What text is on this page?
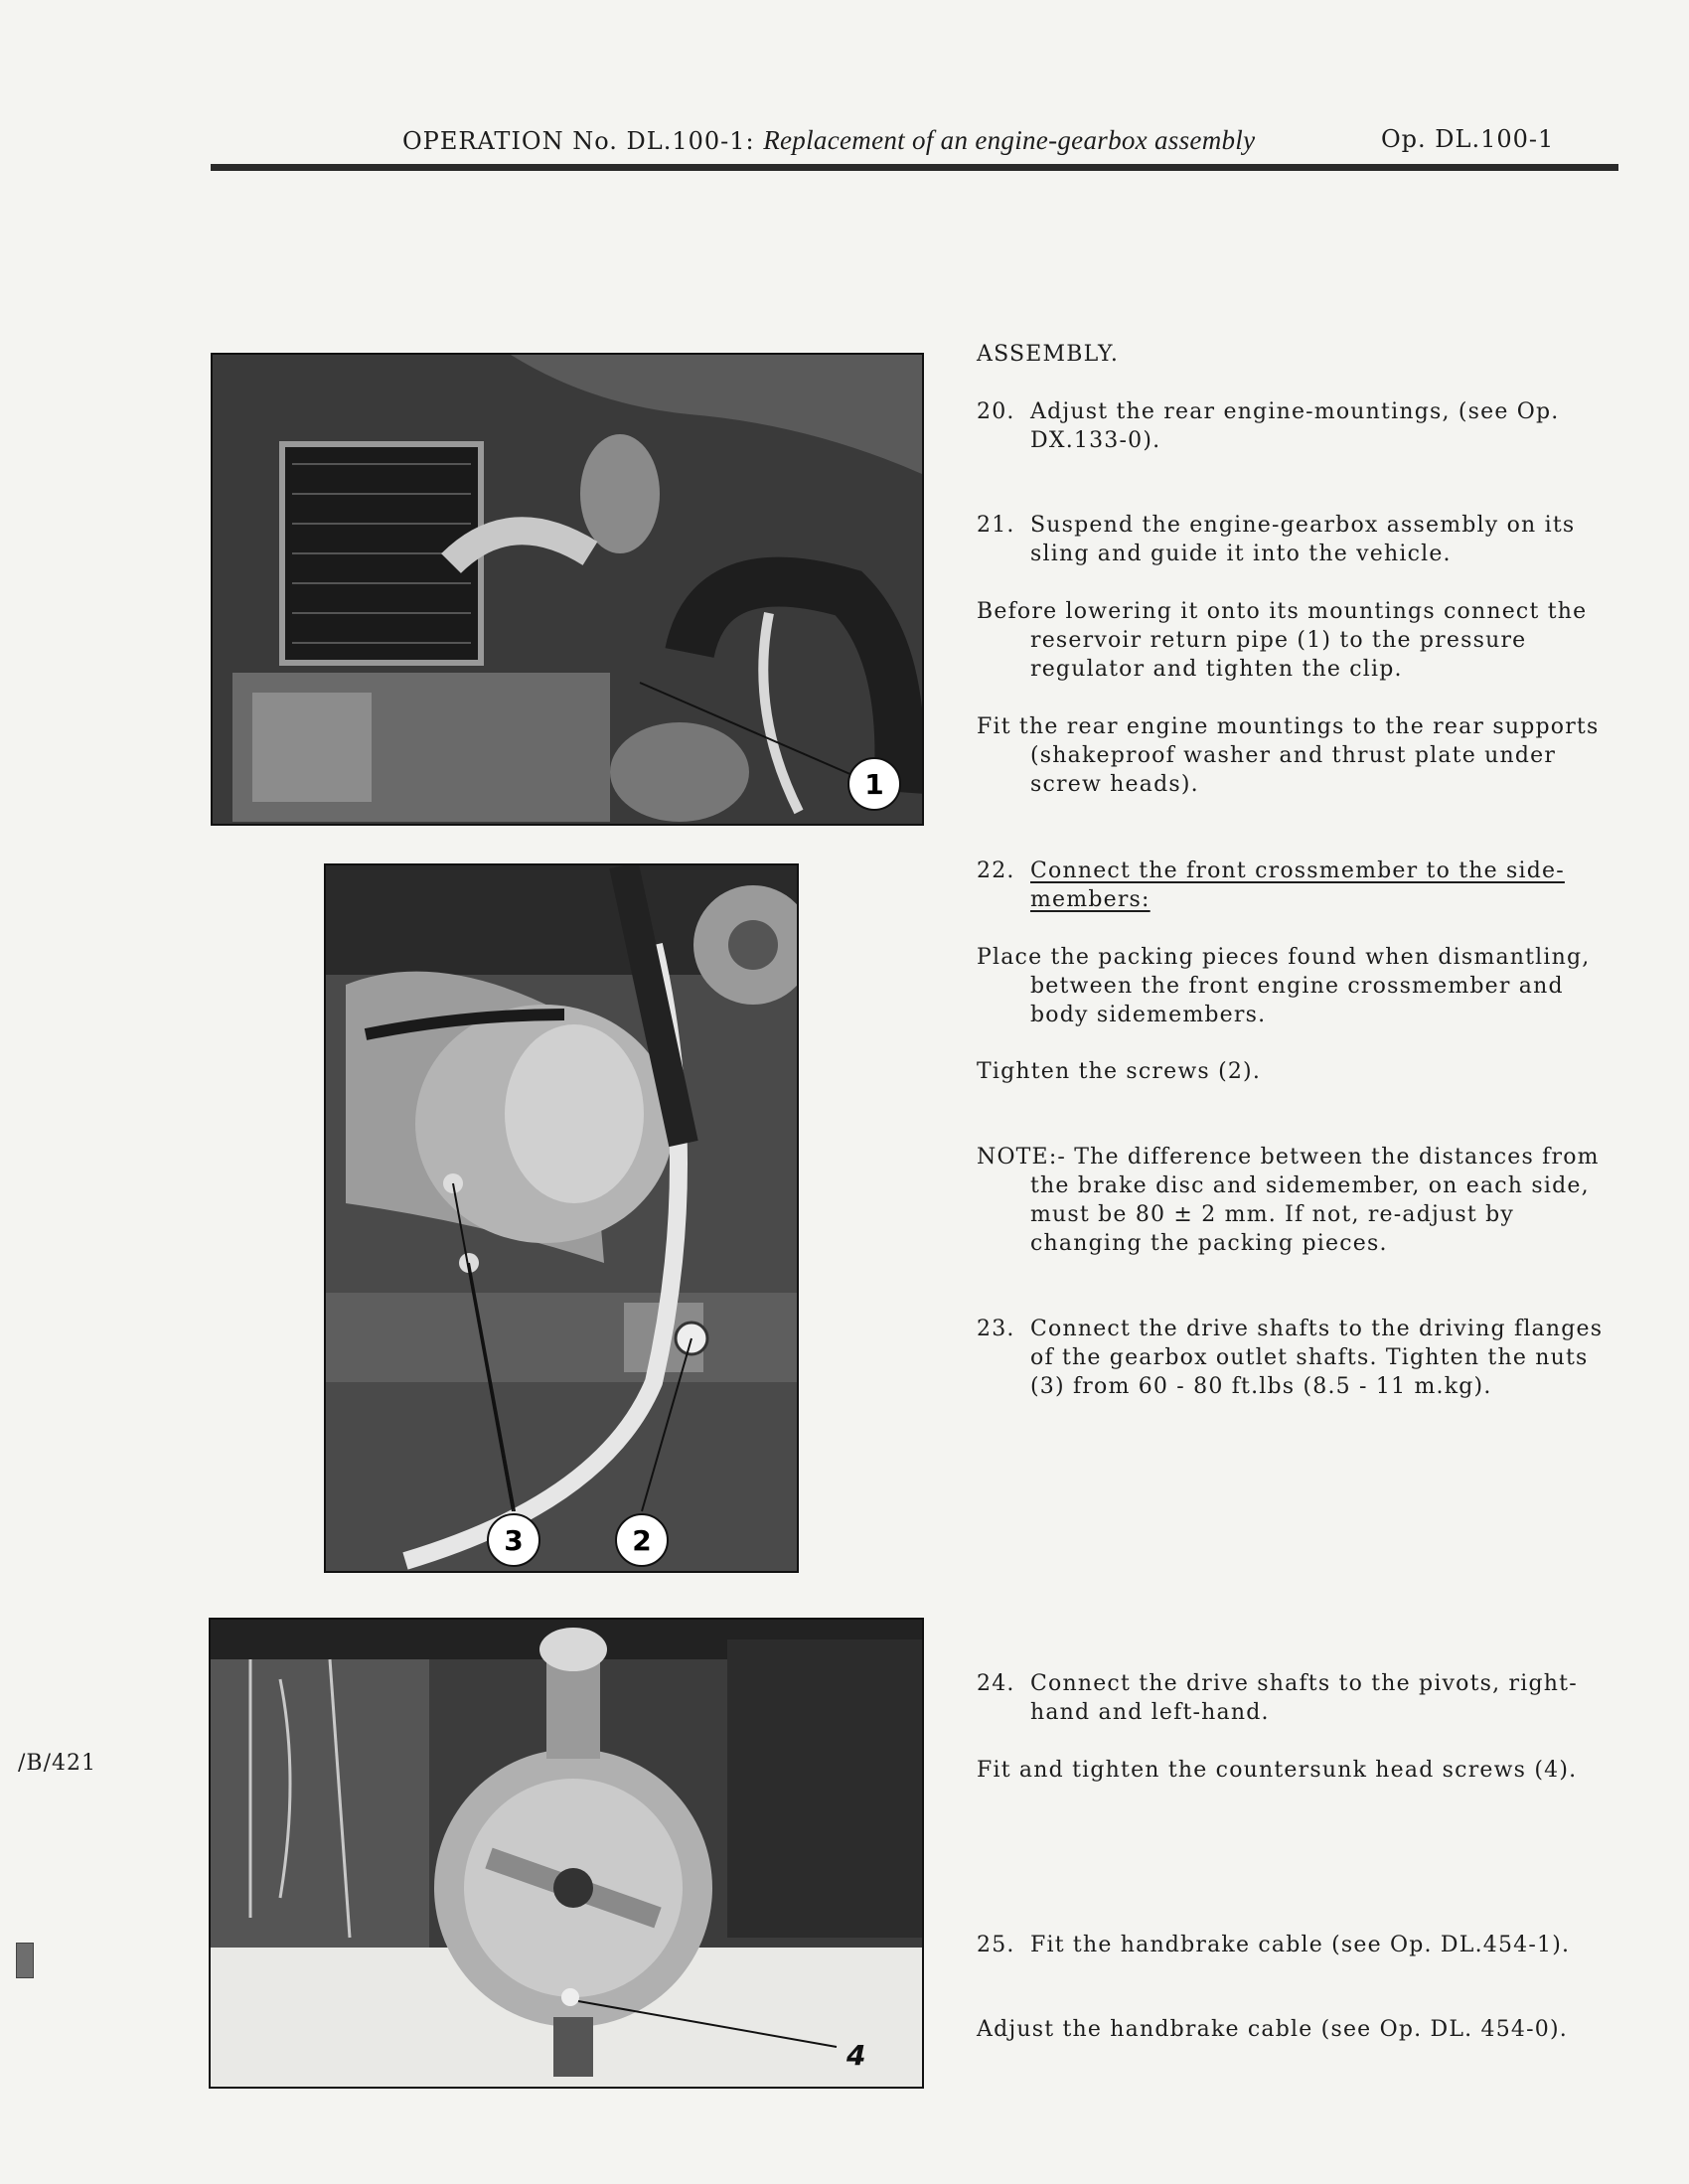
OPERATION No. DL.100-1: Replacement of an engine-gearbox assembly	Op. DL.100-1
1
3	2
4
ASSEMBLY.

20. Adjust the rear engine-mountings, (see Op. DX.133-0).

21. Suspend the engine-gearbox assembly on its sling and guide it into the vehicle.

Before lowering it onto its mountings connect the reservoir return pipe (1) to the pressure regulator and tighten the clip.

Fit the rear engine mountings to the rear supports (shakeproof washer and thrust plate under screw heads).

22. Connect the front crossmember to the side-members:

Place the packing pieces found when dismantling, between the front engine crossmember and body sidemembers.

Tighten the screws (2).

NOTE:- The difference between the distances from the brake disc and sidemember, on each side, must be 80 ± 2 mm. If not, re-adjust by changing the packing pieces.

23. Connect the drive shafts to the driving flanges of the gearbox outlet shafts. Tighten the nuts (3) from 60 - 80 ft.lbs (8.5 - 11 m.kg).

24. Connect the drive shafts to the pivots, right-hand and left-hand.

Fit and tighten the countersunk head screws (4).

25. Fit the handbrake cable (see Op. DL.454-1).

Adjust the handbrake cable (see Op. DL. 454-0).

/B/421
